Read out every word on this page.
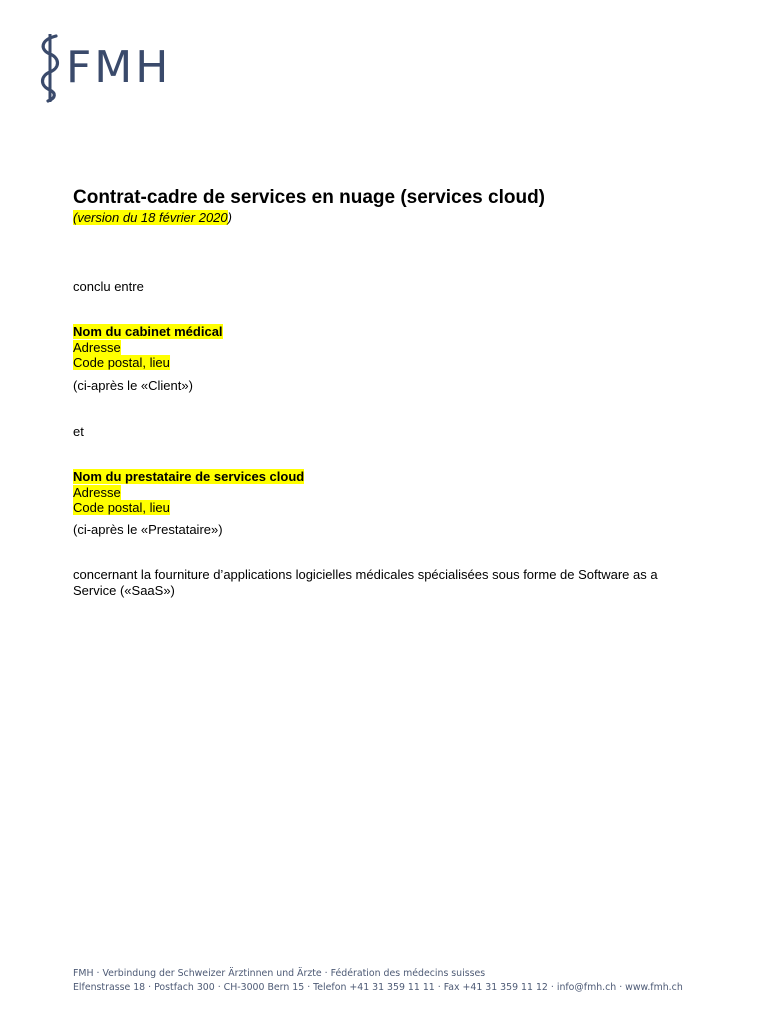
FMH
Contrat-cadre de services en nuage (services cloud)
(version du 18 février 2020)
conclu entre
Nom du cabinet médical
Adresse
Code postal, lieu
(ci-après le «Client»)
et
Nom du prestataire de services cloud
Adresse
Code postal, lieu
(ci-après le «Prestataire»)
concernant la fourniture d’applications logicielles médicales spécialisées sous forme de Software as a
Service («SaaS»)
FMH · Verbindung der Schweizer Ärztinnen und Ärzte · Fédération des médecins suisses
Elfenstrasse 18 · Postfach 300 · CH-3000 Bern 15 · Telefon +41 31 359 11 11 · Fax +41 31 359 11 12 · info@fmh.ch · www.fmh.ch
